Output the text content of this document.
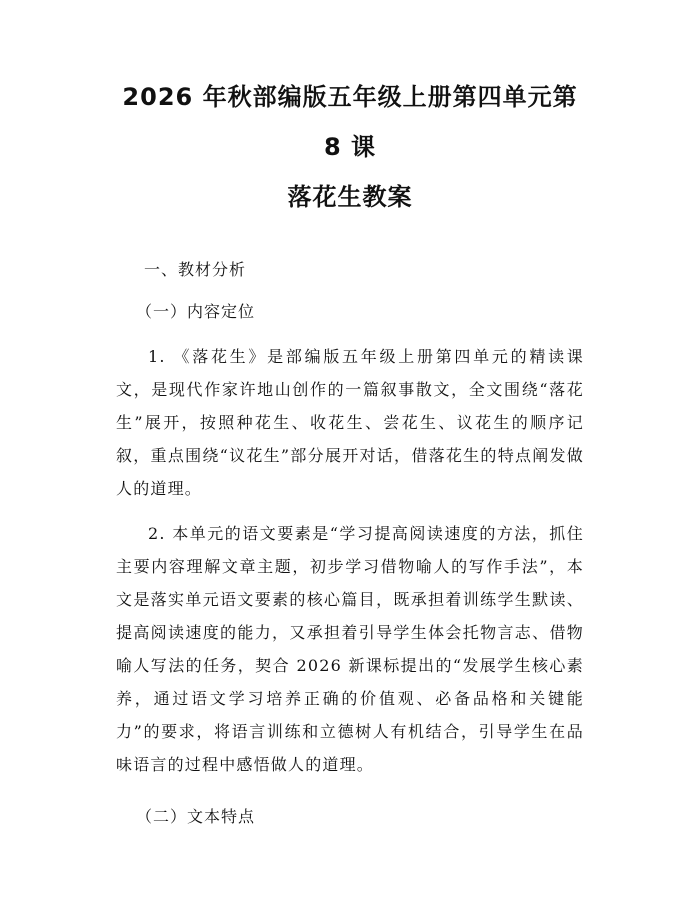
2026 年秋部编版五年级上册第四单元第 8 课
落花生教案
一、教材分析
（一）内容定位

1. 《落花生》是部编版五年级上册第四单元的精读课文，是现代作家许地山创作的一篇叙事散文，全文围绕“落花生”展开，按照种花生、收花生、尝花生、议花生的顺序记叙，重点围绕“议花生”部分展开对话，借落花生的特点阐发做人的道理。

2. 本单元的语文要素是“学习提高阅读速度的方法，抓住主要内容理解文章主题，初步学习借物喻人的写作手法”，本文是落实单元语文要素的核心篇目，既承担着训练学生默读、提高阅读速度的能力，又承担着引导学生体会托物言志、借物喻人写法的任务，契合 2026 新课标提出的“发展学生核心素养，通过语文学习培养正确的价值观、必备品格和关键能力”的要求，将语言训练和立德树人有机结合，引导学生在品味语言的过程中感悟做人的道理。

（二）文本特点
